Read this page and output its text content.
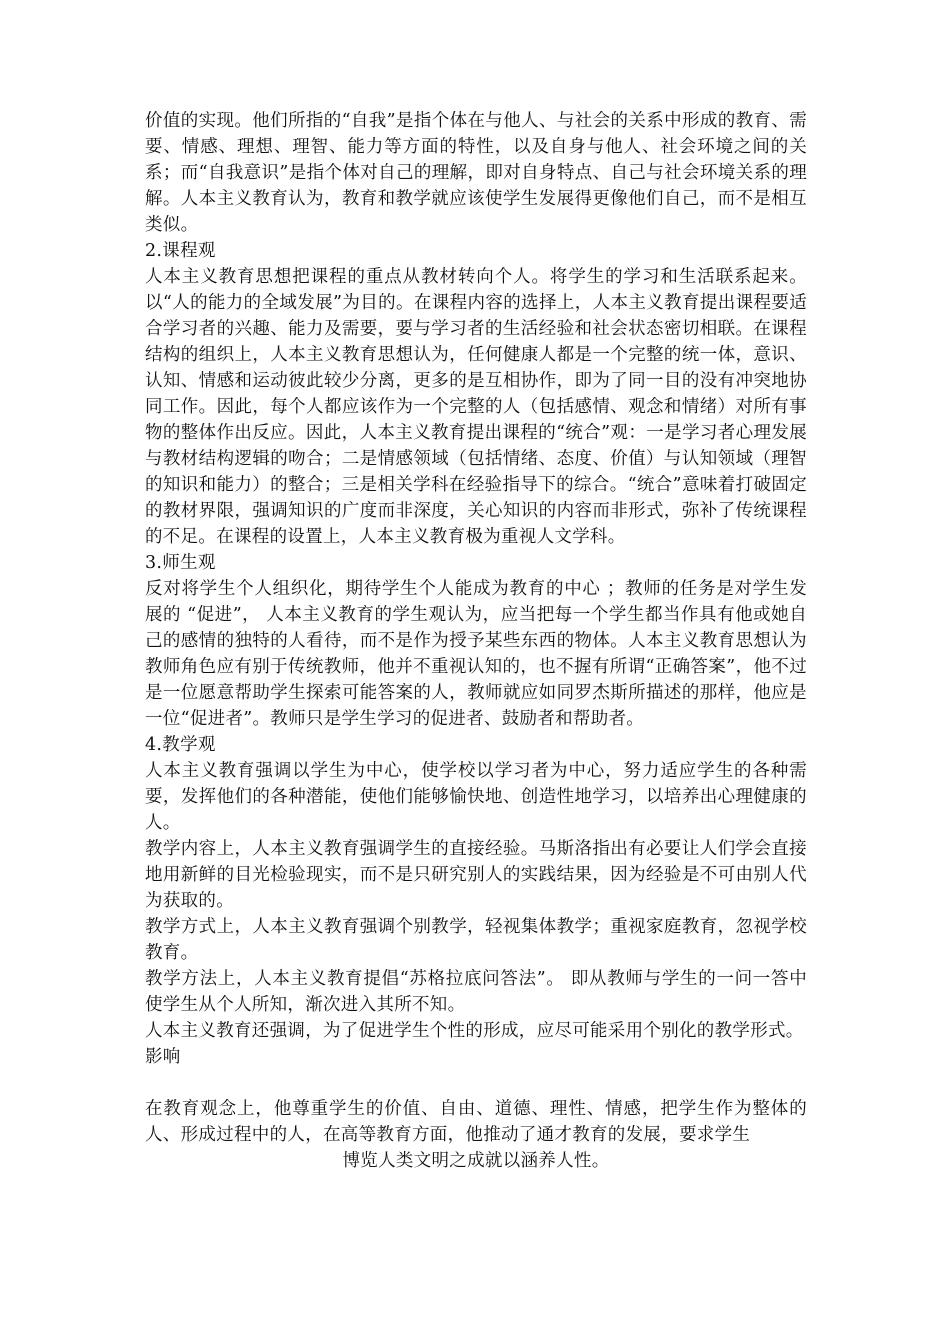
价值的实现。他们所指的“自我”是指个体在与他人、与社会的关系中形成的教育、需要、情感、理想、理智、能力等方面的特性，以及自身与他人、社会环境之间的关系；而“自我意识”是指个体对自己的理解，即对自身特点、自己与社会环境关系的理解。人本主义教育认为，教育和教学就应该使学生发展得更像他们自己，而不是相互类似。

2.课程观

人本主义教育思想把课程的重点从教材转向个人。将学生的学习和生活联系起来。以“人的能力的全域发展”为目的。在课程内容的选择上，人本主义教育提出课程要适合学习者的兴趣、能力及需要，要与学习者的生活经验和社会状态密切相联。在课程结构的组织上，人本主义教育思想认为，任何健康人都是一个完整的统一体，意识、认知、情感和运动彼此较少分离，更多的是互相协作，即为了同一目的没有冲突地协同工作。因此，每个人都应该作为一个完整的人（包括感情、观念和情绪）对所有事物的整体作出反应。因此，人本主义教育提出课程的“统合”观：一是学习者心理发展与教材结构逻辑的吻合；二是情感领域（包括情绪、态度、价值）与认知领域（理智的知识和能力）的整合；三是相关学科在经验指导下的综合。“统合”意味着打破固定的教材界限，强调知识的广度而非深度，关心知识的内容而非形式，弥补了传统课程的不足。在课程的设置上，人本主义教育极为重视人文学科。

3.师生观

反对将学生个人组织化，期待学生个人能成为教育的中心 ；教师的任务是对学生发展的 “促进”， 人本主义教育的学生观认为，应当把每一个学生都当作具有他或她自己的感情的独特的人看待，而不是作为授予某些东西的物体。人本主义教育思想认为教师角色应有别于传统教师，他并不重视认知的，也不握有所谓“正确答案”，他不过是一位愿意帮助学生探索可能答案的人，教师就应如同罗杰斯所描述的那样，他应是一位“促进者”。教师只是学生学习的促进者、鼓励者和帮助者。

4.教学观

人本主义教育强调以学生为中心，使学校以学习者为中心，努力适应学生的各种需要，发挥他们的各种潜能，使他们能够愉快地、创造性地学习，以培养出心理健康的人。

教学内容上，人本主义教育强调学生的直接经验。马斯洛指出有必要让人们学会直接地用新鲜的目光检验现实，而不是只研究别人的实践结果，因为经验是不可由别人代为获取的。

教学方式上，人本主义教育强调个别教学，轻视集体教学；重视家庭教育，忽视学校教育。

教学方法上，人本主义教育提倡“苏格拉底问答法”。 即从教师与学生的一问一答中使学生从个人所知，渐次进入其所不知。

人本主义教育还强调，为了促进学生个性的形成，应尽可能采用个别化的教学形式。

影响

在教育观念上，他尊重学生的价值、自由、道德、理性、情感，把学生作为整体的人、形成过程中的人，在高等教育方面，他推动了通才教育的发展，要求学生

博览人类文明之成就以涵养人性。
